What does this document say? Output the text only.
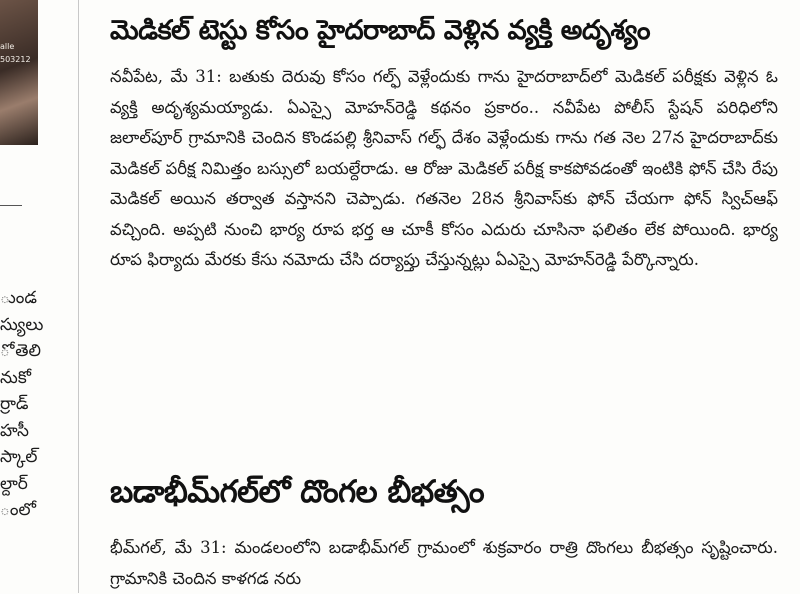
alle
503212
ుండ
స్యులు
ో తెలి
నుకో
ర్రాడ్
హసీ
స్కాల్
ల్దార్
ంలో
మెడికల్ టెస్టు కోసం హైదరాబాద్ వెళ్లిన వ్యక్తి అదృశ్యం

నవీపేట, మే 31: బతుకు దెరువు కోసం గల్ఫ్ వెళ్లేందుకు గాను హైదరాబాద్‌లో మెడికల్ పరీక్షకు వెళ్లిన ఓ వ్యక్తి అదృశ్యమయ్యాడు. ఏఎస్సై మోహన్‌రెడ్డి కథనం ప్రకారం.. నవీపేట పోలీస్ స్టేషన్ పరిధిలోని జలాల్‌పూర్ గ్రామానికి చెందిన కొండపల్లి శ్రీనివాస్ గల్ఫ్ దేశం వెళ్లేందుకు గాను గత నెల 27న హైదరాబాద్‌కు మెడికల్ పరీక్ష నిమిత్తం బస్సులో బయల్దేరాడు. ఆ రోజు మెడికల్ పరీక్ష కాకపోవడంతో ఇంటికి ఫోన్ చేసి రేపు మెడికల్ అయిన తర్వాత వస్తానని చెప్పాడు. గతనెల 28న శ్రీనివాస్‌కు ఫోన్ చేయగా ఫోన్ స్విచ్‌ఆఫ్ వచ్చింది. అప్పటి నుంచి భార్య రూప భర్త ఆ చూకీ కోసం ఎదురు చూసినా ఫలితం లేక పోయింది. భార్య రూప ఫిర్యాదు మేరకు కేసు నమోదు చేసి దర్యాప్తు చేస్తున్నట్లు ఏఎస్సై మోహన్‌రెడ్డి పేర్కొన్నారు.

బడాభీమ్‌గల్‌లో దొంగల బీభత్సం

భీమ్‌గల్, మే 31: మండలంలోని బడాభీమ్‌గల్ గ్రామంలో శుక్రవారం రాత్రి దొంగలు బీభత్సం సృష్టించారు. గ్రామానికి చెందిన కాళగడ నరు
